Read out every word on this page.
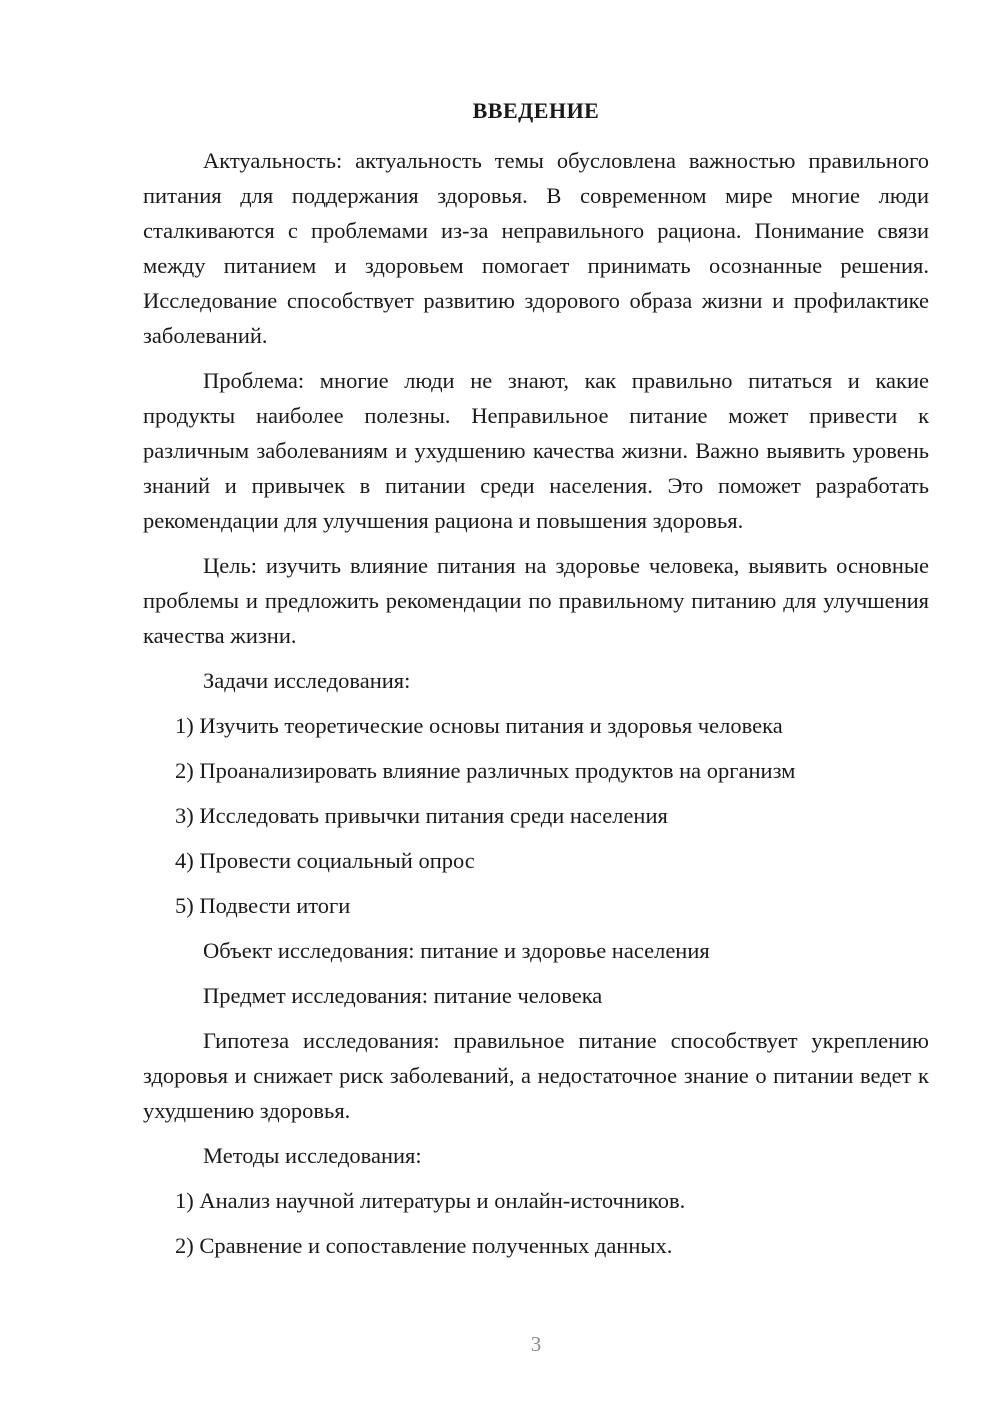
ВВЕДЕНИЕ

Актуальность: актуальность темы обусловлена важностью правильного питания для поддержания здоровья. В современном мире многие люди сталкиваются с проблемами из-за неправильного рациона. Понимание связи между питанием и здоровьем помогает принимать осознанные решения. Исследование способствует развитию здорового образа жизни и профилактике заболеваний.

Проблема: многие люди не знают, как правильно питаться и какие продукты наиболее полезны. Неправильное питание может привести к различным заболеваниям и ухудшению качества жизни. Важно выявить уровень знаний и привычек в питании среди населения. Это поможет разработать рекомендации для улучшения рациона и повышения здоровья.

Цель: изучить влияние питания на здоровье человека, выявить основные проблемы и предложить рекомендации по правильному питанию для улучшения качества жизни.

Задачи исследования:

1) Изучить теоретические основы питания и здоровья человека

2) Проанализировать влияние различных продуктов на организм

3) Исследовать привычки питания среди населения

4) Провести социальный опрос

5) Подвести итоги

Объект исследования: питание и здоровье населения

Предмет исследования: питание человека

Гипотеза исследования: правильное питание способствует укреплению здоровья и снижает риск заболеваний, а недостаточное знание о питании ведет к ухудшению здоровья.

Методы исследования:

1) Анализ научной литературы и онлайн-источников.

2) Сравнение и сопоставление полученных данных.

3
